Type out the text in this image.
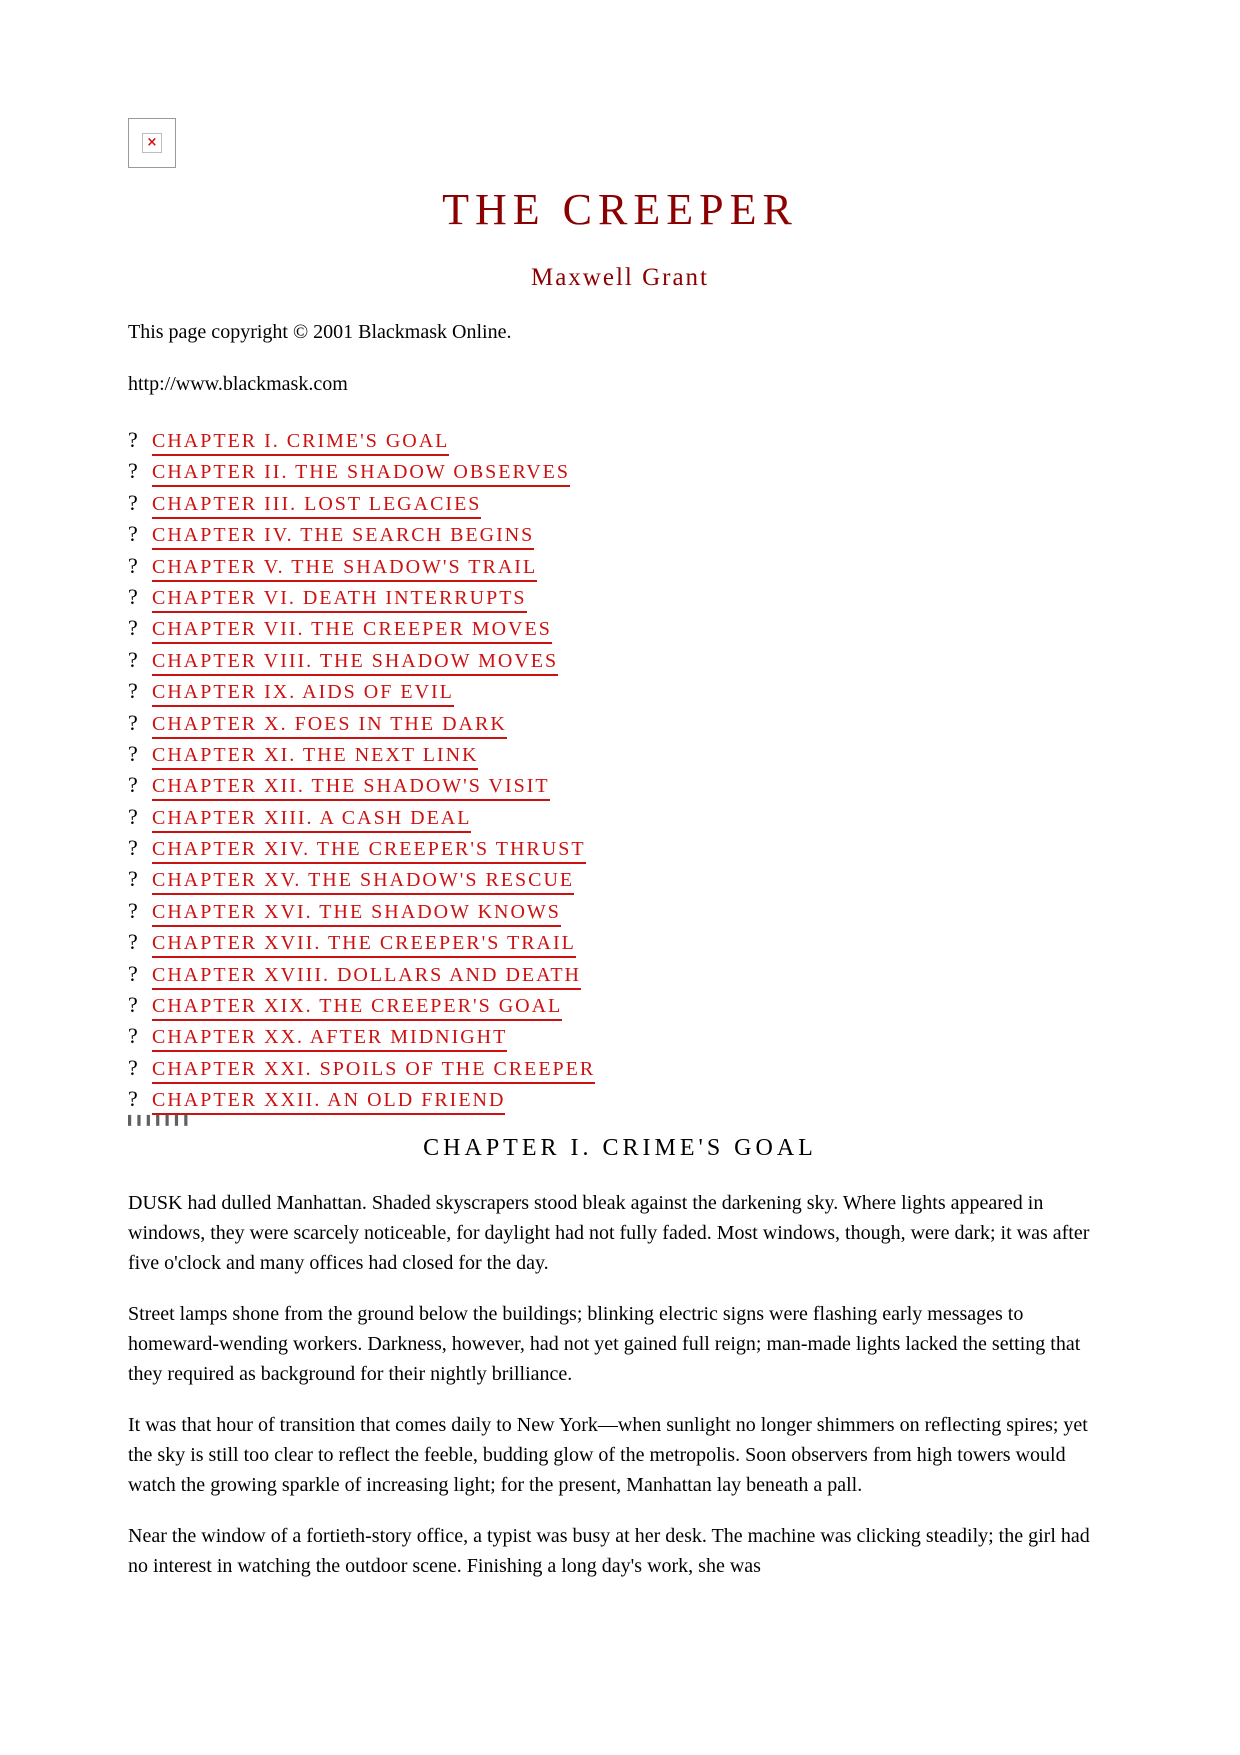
×
THE CREEPER
Maxwell Grant
This page copyright © 2001 Blackmask Online.
http://www.blackmask.com
? CHAPTER I. CRIME'S GOAL
? CHAPTER II. THE SHADOW OBSERVES
? CHAPTER III. LOST LEGACIES
? CHAPTER IV. THE SEARCH BEGINS
? CHAPTER V. THE SHADOW'S TRAIL
? CHAPTER VI. DEATH INTERRUPTS
? CHAPTER VII. THE CREEPER MOVES
? CHAPTER VIII. THE SHADOW MOVES
? CHAPTER IX. AIDS OF EVIL
? CHAPTER X. FOES IN THE DARK
? CHAPTER XI. THE NEXT LINK
? CHAPTER XII. THE SHADOW'S VISIT
? CHAPTER XIII. A CASH DEAL
? CHAPTER XIV. THE CREEPER'S THRUST
? CHAPTER XV. THE SHADOW'S RESCUE
? CHAPTER XVI. THE SHADOW KNOWS
? CHAPTER XVII. THE CREEPER'S TRAIL
? CHAPTER XVIII. DOLLARS AND DEATH
? CHAPTER XIX. THE CREEPER'S GOAL
? CHAPTER XX. AFTER MIDNIGHT
? CHAPTER XXI. SPOILS OF THE CREEPER
? CHAPTER XXII. AN OLD FRIEND
▌▌▌▌▌▌▌
CHAPTER I. CRIME'S GOAL

DUSK had dulled Manhattan. Shaded skyscrapers stood bleak against the darkening sky. Where lights appeared in windows, they were scarcely noticeable, for daylight had not fully faded. Most windows, though, were dark; it was after five o'clock and many offices had closed for the day.

Street lamps shone from the ground below the buildings; blinking electric signs were flashing early messages to homeward-wending workers. Darkness, however, had not yet gained full reign; man-made lights lacked the setting that they required as background for their nightly brilliance.

It was that hour of transition that comes daily to New York—when sunlight no longer shimmers on reflecting spires; yet the sky is still too clear to reflect the feeble, budding glow of the metropolis. Soon observers from high towers would watch the growing sparkle of increasing light; for the present, Manhattan lay beneath a pall.

Near the window of a fortieth-story office, a typist was busy at her desk. The machine was clicking steadily; the girl had no interest in watching the outdoor scene. Finishing a long day's work, she was
